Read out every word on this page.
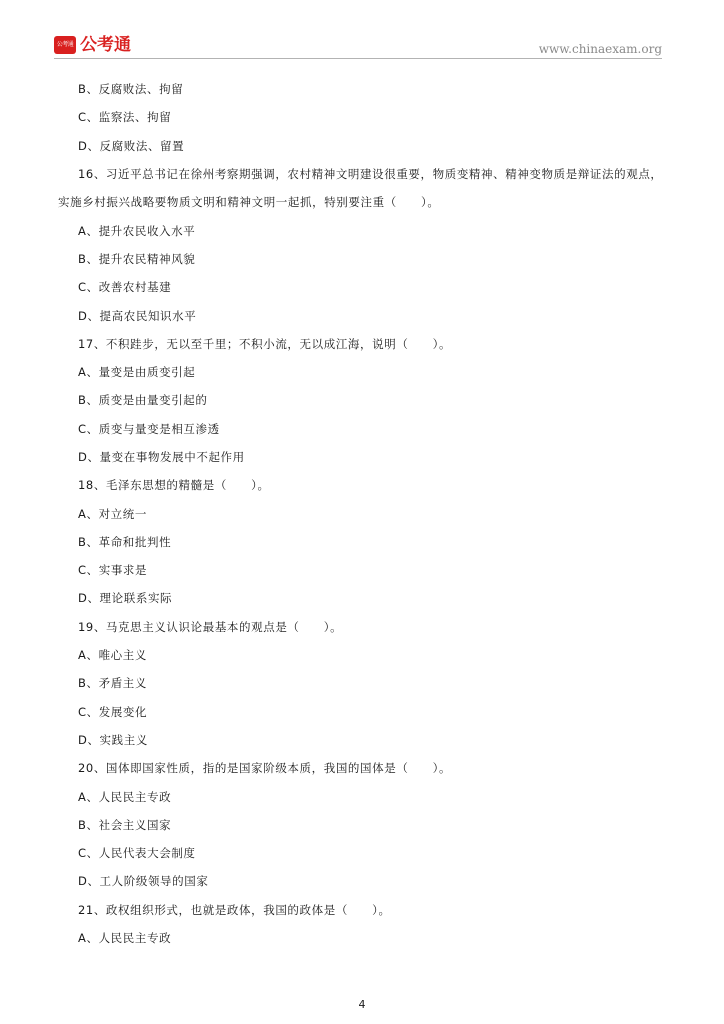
公考通 公考通	www.chinaexam.org
B、反腐败法、拘留
C、监察法、拘留
D、反腐败法、留置
16、习近平总书记在徐州考察期强调，农村精神文明建设很重要，物质变精神、精神变物质是辩证法的观点，
实施乡村振兴战略要物质文明和精神文明一起抓，特别要注重（　　）。
A、提升农民收入水平
B、提升农民精神风貌
C、改善农村基建
D、提高农民知识水平
17、不积跬步，无以至千里；不积小流，无以成江海，说明（　　）。
A、量变是由质变引起
B、质变是由量变引起的
C、质变与量变是相互渗透
D、量变在事物发展中不起作用
18、毛泽东思想的精髓是（　　）。
A、对立统一
B、革命和批判性
C、实事求是
D、理论联系实际
19、马克思主义认识论最基本的观点是（　　）。
A、唯心主义
B、矛盾主义
C、发展变化
D、实践主义
20、国体即国家性质，指的是国家阶级本质，我国的国体是（　　）。
A、人民民主专政
B、社会主义国家
C、人民代表大会制度
D、工人阶级领导的国家
21、政权组织形式，也就是政体，我国的政体是（　　）。
A、人民民主专政
4
